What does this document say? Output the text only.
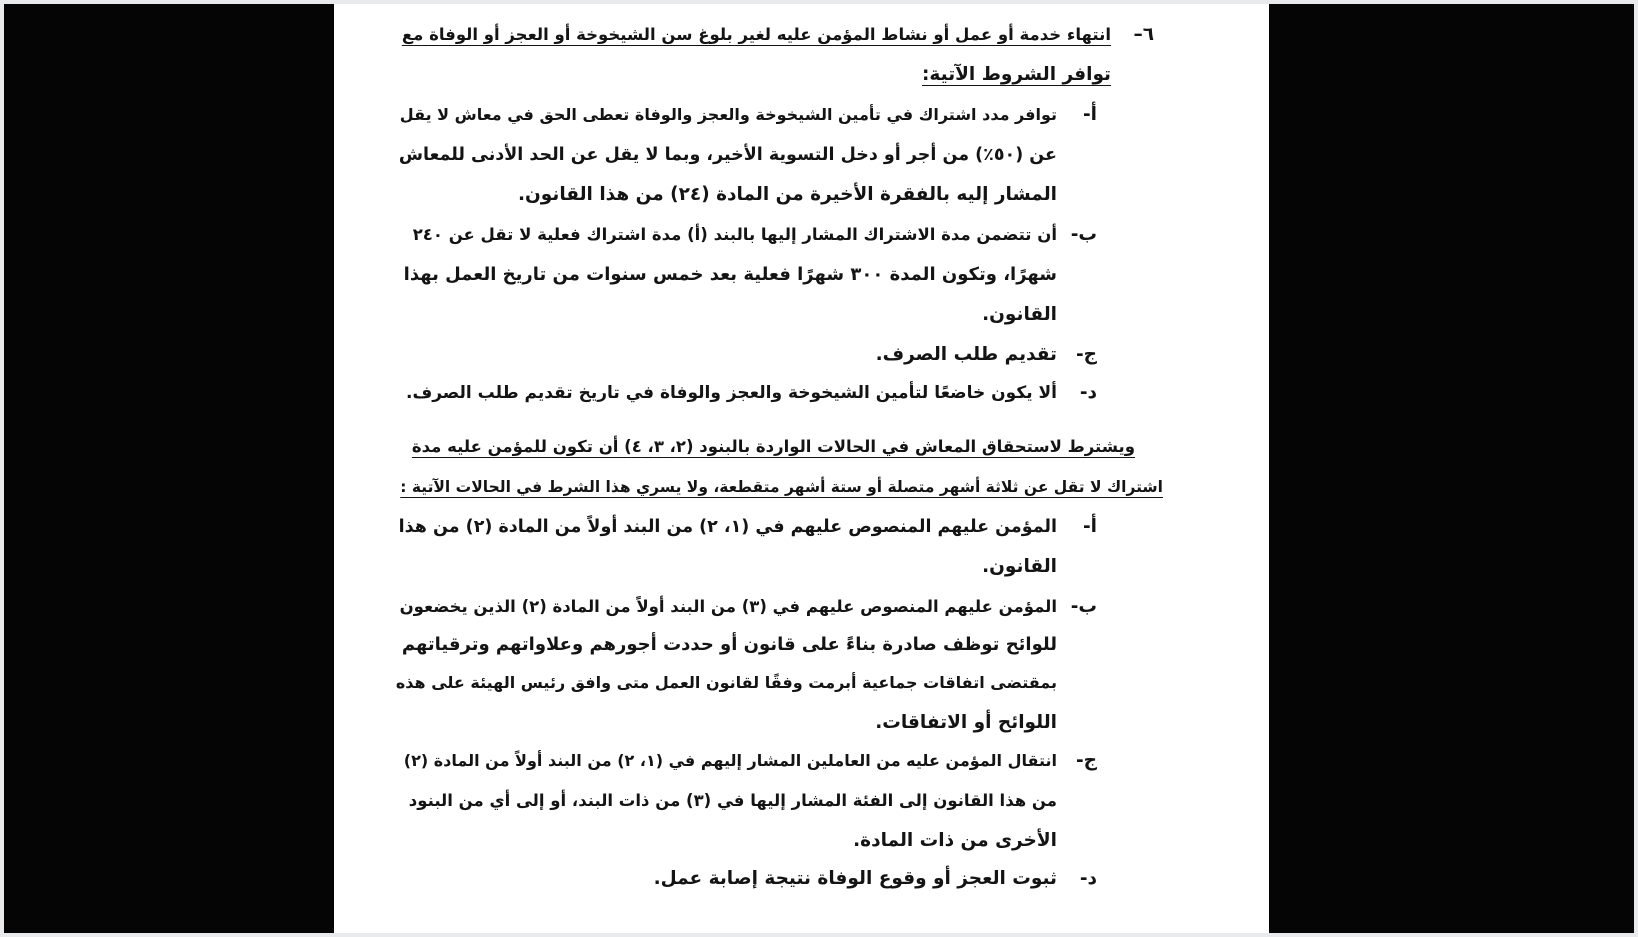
٦–
انتهاء خدمة أو عمل أو نشاط المؤمن عليه لغير بلوغ سن الشيخوخة أو العجز أو الوفاة مع
توافر الشروط الآتية:
أ-
توافر مدد اشتراك في تأمين الشيخوخة والعجز والوفاة تعطى الحق في معاش لا يقل
عن (٥٠٪) من أجر أو دخل التسوية الأخير، وبما لا يقل عن الحد الأدنى للمعاش
المشار إليه بالفقرة الأخيرة من المادة (٢٤) من هذا القانون.
ب-
أن تتضمن مدة الاشتراك المشار إليها بالبند (أ) مدة اشتراك فعلية لا تقل عن ٢٤٠
شهرًا، وتكون المدة ٣٠٠ شهرًا فعلية بعد خمس سنوات من تاريخ العمل بهذا
القانون.
ج-
تقديم طلب الصرف.
د-
ألا يكون خاضعًا لتأمين الشيخوخة والعجز والوفاة في تاريخ تقديم طلب الصرف.
ويشترط لاستحقاق المعاش في الحالات الواردة بالبنود (٢، ٣، ٤) أن تكون للمؤمن عليه مدة
اشتراك لا تقل عن ثلاثة أشهر متصلة أو ستة أشهر متقطعة، ولا يسري هذا الشرط في الحالات الآتية :
أ-
المؤمن عليهم المنصوص عليهم في (١، ٢) من البند أولاً من المادة (٢) من هذا
القانون.
ب-
المؤمن عليهم المنصوص عليهم في (٣) من البند أولاً من المادة (٢) الذين يخضعون
للوائح توظف صادرة بناءً على قانون أو حددت أجورهم وعلاواتهم وترقياتهم
بمقتضى اتفاقات جماعية أبرمت وفقًا لقانون العمل متى وافق رئيس الهيئة على هذه
اللوائح أو الاتفاقات.
ج-
انتقال المؤمن عليه من العاملين المشار إليهم في (١، ٢) من البند أولاً من المادة (٢)
من هذا القانون إلى الفئة المشار إليها في (٣) من ذات البند، أو إلى أي من البنود
الأخرى من ذات المادة.
د-
ثبوت العجز أو وقوع الوفاة نتيجة إصابة عمل.
